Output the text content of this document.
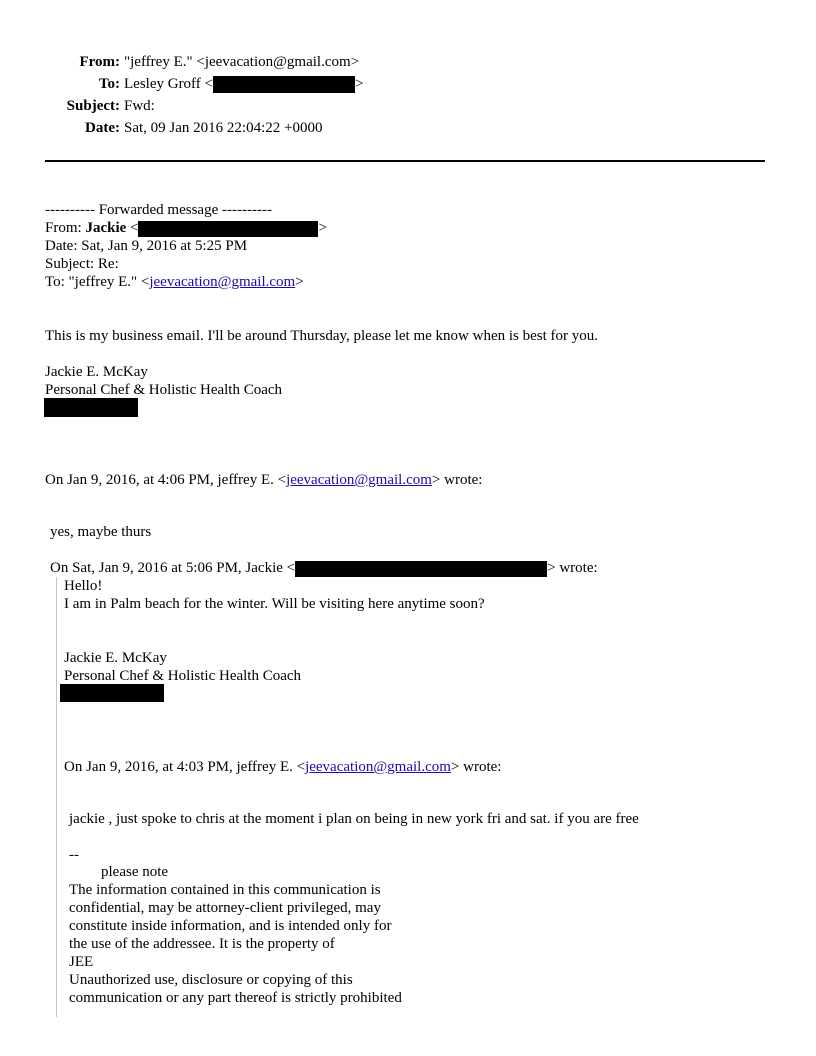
From: "jeffrey E." <jeevacation@gmail.com>
To: Lesley Groff <	>
Subject: Fwd:
Date: Sat, 09 Jan 2016 22:04:22 +0000
---------- Forwarded message ----------
From: Jackie <	>
Date: Sat, Jan 9, 2016 at 5:25 PM
Subject: Re:
To: "jeffrey E." <jeevacation@gmail.com>
This is my business email. I'll be around Thursday, please let me know when is best for you.
Jackie E. McKay
Personal Chef & Holistic Health Coach
On Jan 9, 2016, at 4:06 PM, jeffrey E. <jeevacation@gmail.com> wrote:
yes, maybe thurs
On Sat, Jan 9, 2016 at 5:06 PM, Jackie <	> wrote:
Hello!
I am in Palm beach for the winter. Will be visiting here anytime soon?
Jackie E. McKay
Personal Chef & Holistic Health Coach
On Jan 9, 2016, at 4:03 PM, jeffrey E. <jeevacation@gmail.com> wrote:
jackie , just spoke to chris at the moment i plan on being in new york fri and sat. if you are free
--
please note
The information contained in this communication is
confidential, may be attorney-client privileged, may
constitute inside information, and is intended only for
the use of the addressee. It is the property of
JEE
Unauthorized use, disclosure or copying of this
communication or any part thereof is strictly prohibited
